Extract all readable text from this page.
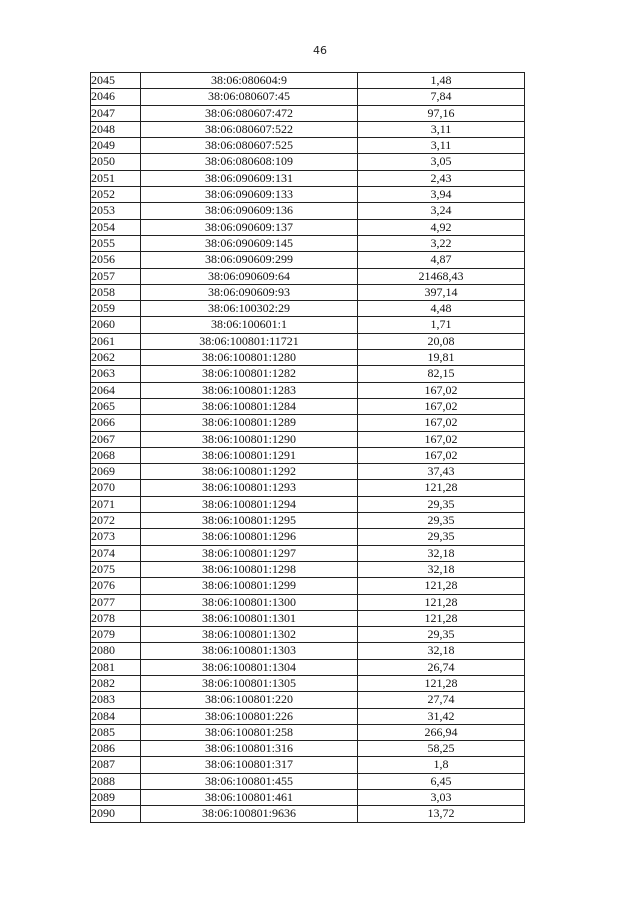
46
2045	38:06:080604:9	1,48
2046	38:06:080607:45	7,84
2047	38:06:080607:472	97,16
2048	38:06:080607:522	3,11
2049	38:06:080607:525	3,11
2050	38:06:080608:109	3,05
2051	38:06:090609:131	2,43
2052	38:06:090609:133	3,94
2053	38:06:090609:136	3,24
2054	38:06:090609:137	4,92
2055	38:06:090609:145	3,22
2056	38:06:090609:299	4,87
2057	38:06:090609:64	21468,43
2058	38:06:090609:93	397,14
2059	38:06:100302:29	4,48
2060	38:06:100601:1	1,71
2061	38:06:100801:11721	20,08
2062	38:06:100801:1280	19,81
2063	38:06:100801:1282	82,15
2064	38:06:100801:1283	167,02
2065	38:06:100801:1284	167,02
2066	38:06:100801:1289	167,02
2067	38:06:100801:1290	167,02
2068	38:06:100801:1291	167,02
2069	38:06:100801:1292	37,43
2070	38:06:100801:1293	121,28
2071	38:06:100801:1294	29,35
2072	38:06:100801:1295	29,35
2073	38:06:100801:1296	29,35
2074	38:06:100801:1297	32,18
2075	38:06:100801:1298	32,18
2076	38:06:100801:1299	121,28
2077	38:06:100801:1300	121,28
2078	38:06:100801:1301	121,28
2079	38:06:100801:1302	29,35
2080	38:06:100801:1303	32,18
2081	38:06:100801:1304	26,74
2082	38:06:100801:1305	121,28
2083	38:06:100801:220	27,74
2084	38:06:100801:226	31,42
2085	38:06:100801:258	266,94
2086	38:06:100801:316	58,25
2087	38:06:100801:317	1,8
2088	38:06:100801:455	6,45
2089	38:06:100801:461	3,03
2090	38:06:100801:9636	13,72
